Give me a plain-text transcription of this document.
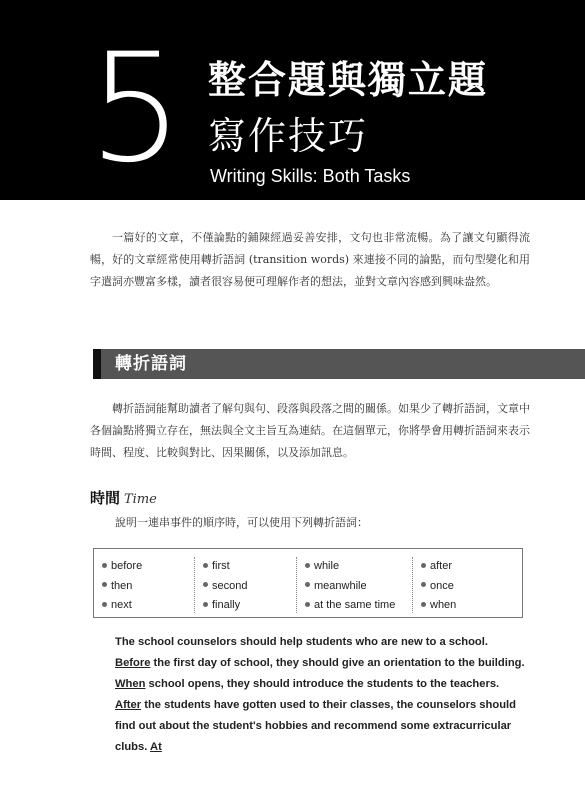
5 整合題與獨立題
寫作技巧
Writing Skills: Both Tasks

一篇好的文章，不僅論點的鋪陳經過妥善安排，文句也非常流暢。為了讓文句顯得流暢，好的文章經常使用轉折語詞 (transition words) 來連接不同的論點，而句型變化和用字遣詞亦豐富多樣，讀者很容易便可理解作者的想法，並對文章內容感到興味盎然。

轉折語詞

轉折語詞能幫助讀者了解句與句、段落與段落之間的關係。如果少了轉折語詞，文章中各個論點將獨立存在，無法與全文主旨互為連結。在這個單元，你將學會用轉折語詞來表示時間、程度、比較與對比、因果關係，以及添加訊息。

時間 Time
說明一連串事件的順序時，可以使用下列轉折語詞：
before
then
next
first
second
finally
while
meanwhile
at the same time
after
once
when

The school counselors should help students who are new to a school. Before the first day of school, they should give an orientation to the building. When school opens, they should introduce the students to the teachers. After the students have gotten used to their classes, the counselors should find out about the student's hobbies and recommend some extracurricular clubs. At
